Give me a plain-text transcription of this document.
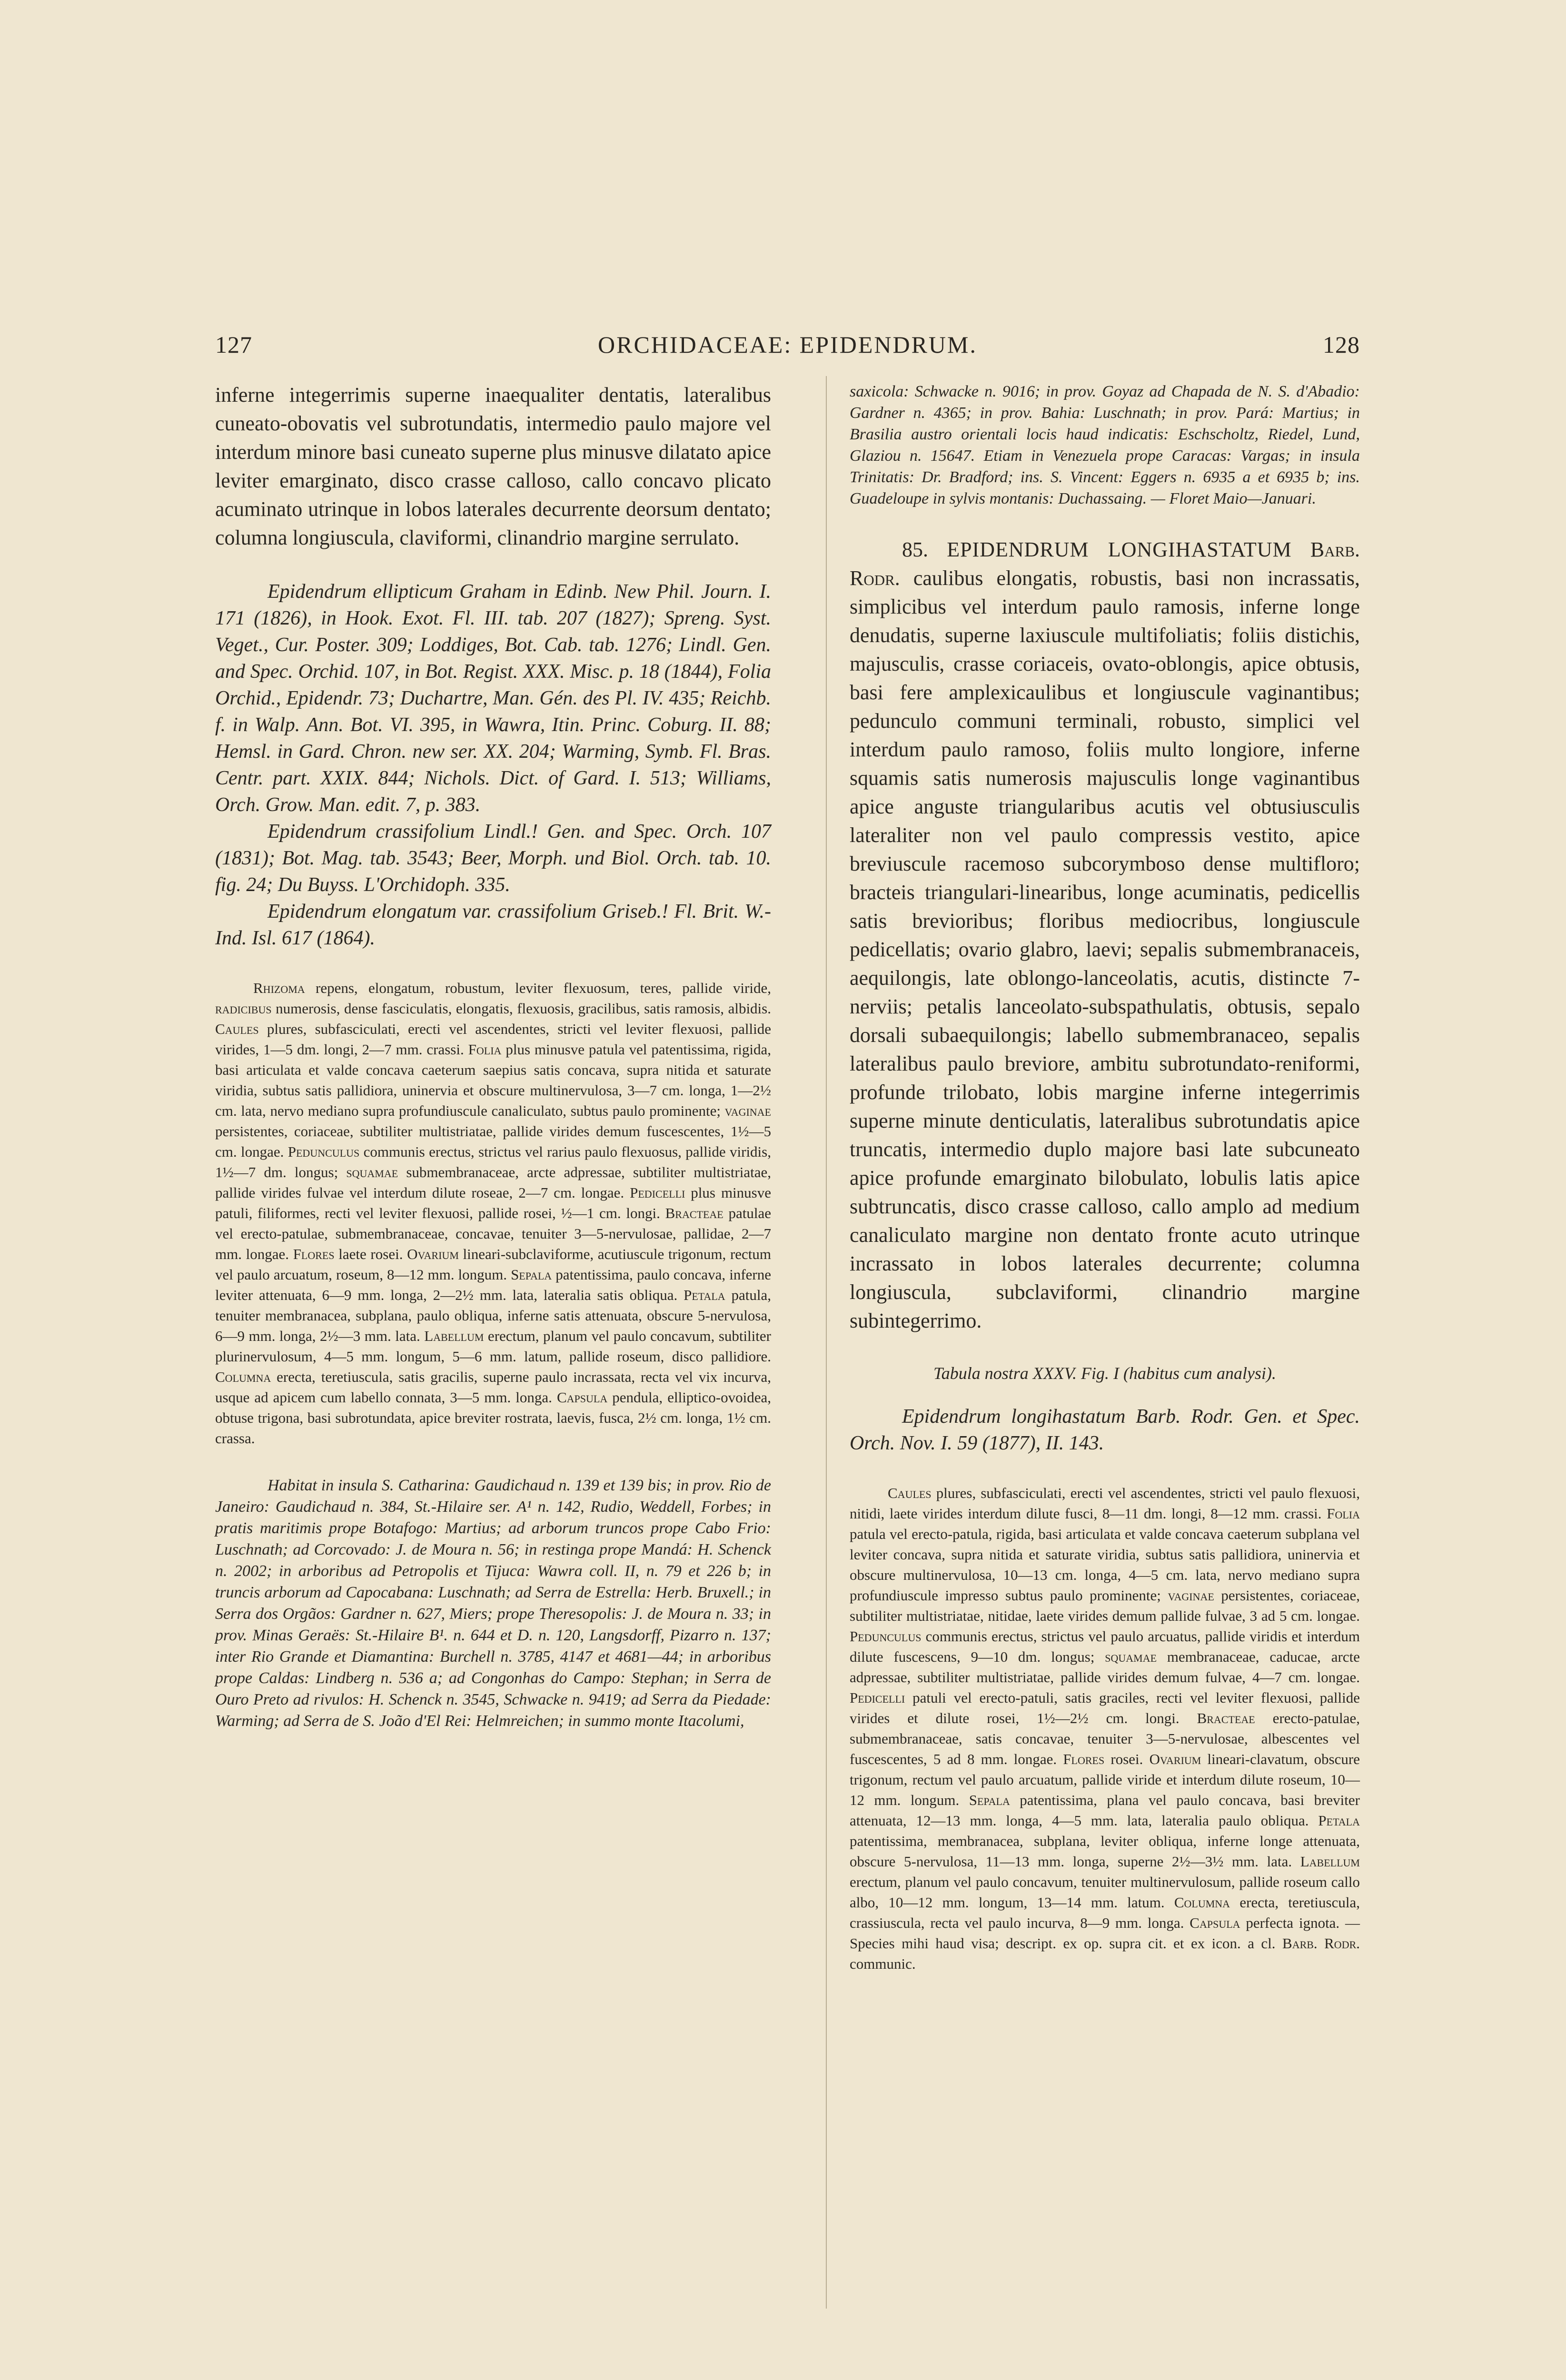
127	ORCHIDACEAE: EPIDENDRUM.	128

inferne integerrimis superne inaequaliter dentatis, lateralibus cuneato-obovatis vel subrotundatis, intermedio paulo majore vel interdum minore basi cuneato superne plus minusve dilatato apice leviter emarginato, disco crasse calloso, callo concavo plicato acuminato utrinque in lobos laterales decurrente deorsum dentato; columna longiuscula, claviformi, clinandrio margine serrulato.

Epidendrum ellipticum Graham in Edinb. New Phil. Journ. I. 171 (1826), in Hook. Exot. Fl. III. tab. 207 (1827); Spreng. Syst. Veget., Cur. Poster. 309; Loddiges, Bot. Cab. tab. 1276; Lindl. Gen. and Spec. Orchid. 107, in Bot. Regist. XXX. Misc. p. 18 (1844), Folia Orchid., Epidendr. 73; Duchartre, Man. Gén. des Pl. IV. 435; Reichb. f. in Walp. Ann. Bot. VI. 395, in Wawra, Itin. Princ. Coburg. II. 88; Hemsl. in Gard. Chron. new ser. XX. 204; Warming, Symb. Fl. Bras. Centr. part. XXIX. 844; Nichols. Dict. of Gard. I. 513; Williams, Orch. Grow. Man. edit. 7, p. 383.

Epidendrum crassifolium Lindl.! Gen. and Spec. Orch. 107 (1831); Bot. Mag. tab. 3543; Beer, Morph. und Biol. Orch. tab. 10. fig. 24; Du Buyss. L'Orchidoph. 335.

Epidendrum elongatum var. crassifolium Griseb.! Fl. Brit. W.-Ind. Isl. 617 (1864).

Rhizoma repens, elongatum, robustum, leviter flexuosum, teres, pallide viride, radicibus numerosis, dense fasciculatis, elongatis, flexuosis, gracilibus, satis ramosis, albidis. Caules plures, subfasciculati, erecti vel ascendentes, stricti vel leviter flexuosi, pallide virides, 1—5 dm. longi, 2—7 mm. crassi. Folia plus minusve patula vel patentissima, rigida, basi articulata et valde concava caeterum saepius satis concava, supra nitida et saturate viridia, subtus satis pallidiora, uninervia et obscure multinervulosa, 3—7 cm. longa, 1—2½ cm. lata, nervo mediano supra profundiuscule canaliculato, subtus paulo prominente; vaginae persistentes, coriaceae, subtiliter multistriatae, pallide virides demum fuscescentes, 1½—5 cm. longae. Pedunculus communis erectus, strictus vel rarius paulo flexuosus, pallide viridis, 1½—7 dm. longus; squamae submembranaceae, arcte adpressae, subtiliter multistriatae, pallide virides fulvae vel interdum dilute roseae, 2—7 cm. longae. Pedicelli plus minusve patuli, filiformes, recti vel leviter flexuosi, pallide rosei, ½—1 cm. longi. Bracteae patulae vel erecto-patulae, submembranaceae, concavae, tenuiter 3—5-nervulosae, pallidae, 2—7 mm. longae. Flores laete rosei. Ovarium lineari-subclaviforme, acutiuscule trigonum, rectum vel paulo arcuatum, roseum, 8—12 mm. longum. Sepala patentissima, paulo concava, inferne leviter attenuata, 6—9 mm. longa, 2—2½ mm. lata, lateralia satis obliqua. Petala patula, tenuiter membranacea, subplana, paulo obliqua, inferne satis attenuata, obscure 5-nervulosa, 6—9 mm. longa, 2½—3 mm. lata. Labellum erectum, planum vel paulo concavum, subtiliter plurinervulosum, 4—5 mm. longum, 5—6 mm. latum, pallide roseum, disco pallidiore. Columna erecta, teretiuscula, satis gracilis, superne paulo incrassata, recta vel vix incurva, usque ad apicem cum labello connata, 3—5 mm. longa. Capsula pendula, elliptico-ovoidea, obtuse trigona, basi subrotundata, apice breviter rostrata, laevis, fusca, 2½ cm. longa, 1½ cm. crassa.

Habitat in insula S. Catharina: Gaudichaud n. 139 et 139 bis; in prov. Rio de Janeiro: Gaudichaud n. 384, St.-Hilaire ser. A¹ n. 142, Rudio, Weddell, Forbes; in pratis maritimis prope Botafogo: Martius; ad arborum truncos prope Cabo Frio: Luschnath; ad Corcovado: J. de Moura n. 56; in restinga prope Mandá: H. Schenck n. 2002; in arboribus ad Petropolis et Tijuca: Wawra coll. II, n. 79 et 226 b; in truncis arborum ad Capocabana: Luschnath; ad Serra de Estrella: Herb. Bruxell.; in Serra dos Orgãos: Gardner n. 627, Miers; prope Theresopolis: J. de Moura n. 33; in prov. Minas Geraës: St.-Hilaire B¹. n. 644 et D. n. 120, Langsdorff, Pizarro n. 137; inter Rio Grande et Diamantina: Burchell n. 3785, 4147 et 4681—44; in arboribus prope Caldas: Lindberg n. 536 a; ad Congonhas do Campo: Stephan; in Serra de Ouro Preto ad rivulos: H. Schenck n. 3545, Schwacke n. 9419; ad Serra da Piedade: Warming; ad Serra de S. João d'El Rei: Helmreichen; in summo monte Itacolumi,

saxicola: Schwacke n. 9016; in prov. Goyaz ad Chapada de N. S. d'Abadio: Gardner n. 4365; in prov. Bahia: Luschnath; in prov. Pará: Martius; in Brasilia austro orientali locis haud indicatis: Eschscholtz, Riedel, Lund, Glaziou n. 15647. Etiam in Venezuela prope Caracas: Vargas; in insula Trinitatis: Dr. Bradford; ins. S. Vincent: Eggers n. 6935 a et 6935 b; ins. Guadeloupe in sylvis montanis: Duchassaing. — Floret Maio—Januari.

85. EPIDENDRUM LONGIHASTATUM Barb. Rodr. caulibus elongatis, robustis, basi non incrassatis, simplicibus vel interdum paulo ramosis, inferne longe denudatis, superne laxiuscule multifoliatis; foliis distichis, majusculis, crasse coriaceis, ovato-oblongis, apice obtusis, basi fere amplexicaulibus et longiuscule vaginantibus; pedunculo communi terminali, robusto, simplici vel interdum paulo ramoso, foliis multo longiore, inferne squamis satis numerosis majusculis longe vaginantibus apice anguste triangularibus acutis vel obtusiusculis lateraliter non vel paulo compressis vestito, apice breviuscule racemoso subcorymboso dense multifloro; bracteis triangulari-linearibus, longe acuminatis, pedicellis satis brevioribus; floribus mediocribus, longiuscule pedicellatis; ovario glabro, laevi; sepalis submembranaceis, aequilongis, late oblongo-lanceolatis, acutis, distincte 7-nerviis; petalis lanceolato-subspathulatis, obtusis, sepalo dorsali subaequilongis; labello submembranaceo, sepalis lateralibus paulo breviore, ambitu subrotundato-reniformi, profunde trilobato, lobis margine inferne integerrimis superne minute denticulatis, lateralibus subrotundatis apice truncatis, intermedio duplo majore basi late subcuneato apice profunde emarginato bilobulato, lobulis latis apice subtruncatis, disco crasse calloso, callo amplo ad medium canaliculato margine non dentato fronte acuto utrinque incrassato in lobos laterales decurrente; columna longiuscula, subclaviformi, clinandrio margine subintegerrimo.

Tabula nostra XXXV. Fig. I (habitus cum analysi).

Epidendrum longihastatum Barb. Rodr. Gen. et Spec. Orch. Nov. I. 59 (1877), II. 143.

Caules plures, subfasciculati, erecti vel ascendentes, stricti vel paulo flexuosi, nitidi, laete virides interdum dilute fusci, 8—11 dm. longi, 8—12 mm. crassi. Folia patula vel erecto-patula, rigida, basi articulata et valde concava caeterum subplana vel leviter concava, supra nitida et saturate viridia, subtus satis pallidiora, uninervia et obscure multinervulosa, 10—13 cm. longa, 4—5 cm. lata, nervo mediano supra profundiuscule impresso subtus paulo prominente; vaginae persistentes, coriaceae, subtiliter multistriatae, nitidae, laete virides demum pallide fulvae, 3 ad 5 cm. longae. Pedunculus communis erectus, strictus vel paulo arcuatus, pallide viridis et interdum dilute fuscescens, 9—10 dm. longus; squamae membranaceae, caducae, arcte adpressae, subtiliter multistriatae, pallide virides demum fulvae, 4—7 cm. longae. Pedicelli patuli vel erecto-patuli, satis graciles, recti vel leviter flexuosi, pallide virides et dilute rosei, 1½—2½ cm. longi. Bracteae erecto-patulae, submembranaceae, satis concavae, tenuiter 3—5-nervulosae, albescentes vel fuscescentes, 5 ad 8 mm. longae. Flores rosei. Ovarium lineari-clavatum, obscure trigonum, rectum vel paulo arcuatum, pallide viride et interdum dilute roseum, 10—12 mm. longum. Sepala patentissima, plana vel paulo concava, basi breviter attenuata, 12—13 mm. longa, 4—5 mm. lata, lateralia paulo obliqua. Petala patentissima, membranacea, subplana, leviter obliqua, inferne longe attenuata, obscure 5-nervulosa, 11—13 mm. longa, superne 2½—3½ mm. lata. Labellum erectum, planum vel paulo concavum, tenuiter multinervulosum, pallide roseum callo albo, 10—12 mm. longum, 13—14 mm. latum. Columna erecta, teretiuscula, crassiuscula, recta vel paulo incurva, 8—9 mm. longa. Capsula perfecta ignota. — Species mihi haud visa; descript. ex op. supra cit. et ex icon. a cl. Barb. Rodr. communic.
